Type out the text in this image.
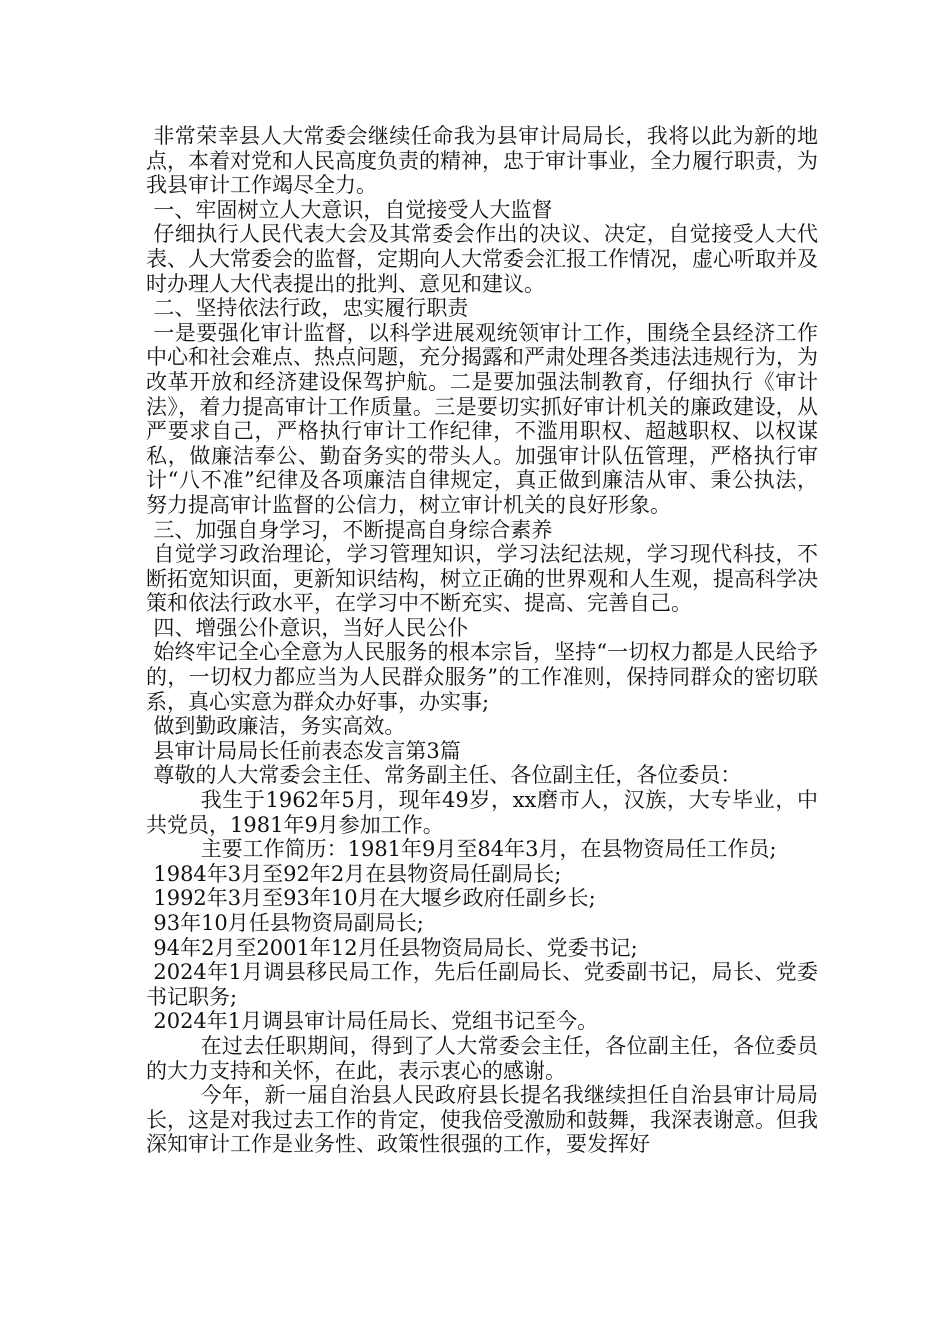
非常荣幸县人大常委会继续任命我为县审计局局长，我将以此为新的地点，本着对党和人民高度负责的精神，忠于审计事业，全力履行职责，为我县审计工作竭尽全力。

一、牢固树立人大意识，自觉接受人大监督

仔细执行人民代表大会及其常委会作出的决议、决定，自觉接受人大代表、人大常委会的监督，定期向人大常委会汇报工作情况，虚心听取并及时办理人大代表提出的批判、意见和建议。

二、坚持依法行政，忠实履行职责

一是要强化审计监督，以科学进展观统领审计工作，围绕全县经济工作中心和社会难点、热点问题，充分揭露和严肃处理各类违法违规行为，为改革开放和经济建设保驾护航。二是要加强法制教育，仔细执行《审计法》，着力提高审计工作质量。三是要切实抓好审计机关的廉政建设，从严要求自己，严格执行审计工作纪律，不滥用职权、超越职权、以权谋私，做廉洁奉公、勤奋务实的带头人。加强审计队伍管理，严格执行审计“八不准”纪律及各项廉洁自律规定，真正做到廉洁从审、秉公执法，努力提高审计监督的公信力，树立审计机关的良好形象。

三、加强自身学习，不断提高自身综合素养

自觉学习政治理论，学习管理知识，学习法纪法规，学习现代科技，不断拓宽知识面，更新知识结构，树立正确的世界观和人生观，提高科学决策和依法行政水平，在学习中不断充实、提高、完善自己。

四、增强公仆意识，当好人民公仆

始终牢记全心全意为人民服务的根本宗旨，坚持“一切权力都是人民给予的，一切权力都应当为人民群众服务”的工作准则，保持同群众的密切联系，真心实意为群众办好事，办实事;

做到勤政廉洁，务实高效。

县审计局局长任前表态发言第3篇

尊敬的人大常委会主任、常务副主任、各位副主任，各位委员：

我生于1962年5月，现年49岁，xx磨市人，汉族，大专毕业，中共党员，1981年9月参加工作。

主要工作简历：1981年9月至84年3月，在县物资局任工作员;

1984年3月至92年2月在县物资局任副局长;

1992年3月至93年10月在大堰乡政府任副乡长;

93年10月任县物资局副局长;

94年2月至2001年12月任县物资局局长、党委书记;

2024年1月调县移民局工作，先后任副局长、党委副书记，局长、党委书记职务;

2024年1月调县审计局任局长、党组书记至今。

在过去任职期间，得到了人大常委会主任，各位副主任，各位委员的大力支持和关怀，在此，表示衷心的感谢。

今年，新一届自治县人民政府县长提名我继续担任自治县审计局局长，这是对我过去工作的肯定，使我倍受激励和鼓舞，我深表谢意。但我深知审计工作是业务性、政策性很强的工作，要发挥好
